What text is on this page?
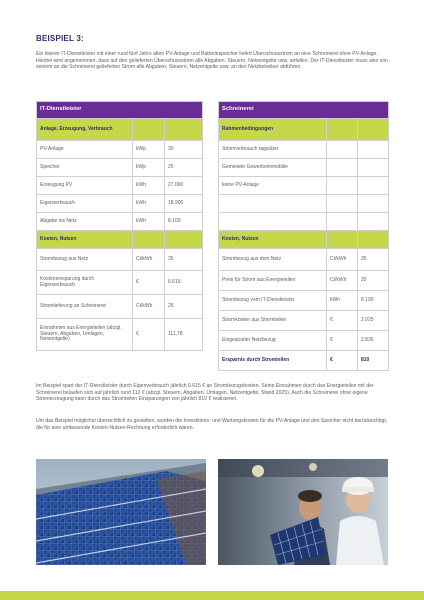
BEISPIEL 3:
Ein kleiner IT-Dienstleister mit einer rund fünf Jahre alten PV-Anlage und Batteriespeicher liefert Überschussstrom an eine Schreinerei ohne PV-Anlage. Hierbei wird angenommen, dass auf den gelieferten Überschussstrom alle Abgaben, Steuern, Netzentgelte usw. anfallen. Der IT-Dienstleister muss also von seinem an die Schreinerei gelieferten Strom alle Abgaben, Steuern, Netzentgelte usw. an den Netzbetreiber abführen.
IT-Dienstleister		
Anlage, Erzeugung, Verbrauch		
PV-Anlage	kWp	30
Speicher	kWp	25
Erzeugung PV	kWh	27.000
Eigenverbrauch	kWh	18.900
Abgabe ins Netz	kWh	8.100
Kosten, Nutzen		
Strombezug aus Netz	Ct/kWh	35
Kosteneinsparung durch Eigenverbrauch	€	6.615
Stromlieferung an Schreinerei	Ct/kWh	25
Einnahmen aus Energieteilen (abzgl. Steuern, Abgaben, Umlagen, Netzentgelte)	€	111,78
Schreinerei		
Rahmenbedingungen		
Stromverbrauch tagsüber		
Gemietete Gewerbeimmobilie		
keine PV-Anlage		

Kosten, Nutzen		
Strombezug aus dem Netz	Ct/kWh	35
Preis für Strom aus Energieteilen	Ct/kWh	25
Strombezug vom IT-Dienstleister	kWh	8.100
Stromkosten aus Stromteilen	€	2.025
Eingesparter Netzbezug	€	2.835
Ersparnis durch Stromteilen	€	810
Im Beispiel spart der IT-Dienstleister durch Eigenverbrauch jährlich 6.615 € an Strombezugskosten. Seine Einnahmen durch das Energieteilen mit der Schreinerei belaufen sich auf jährlich rund 112 € (abzgl. Steuern, Abgaben, Umlagen, Netzentgelte, Stand 2025). Auch die Schreinerei ohne eigene Stromerzeugung kann durch das Stromteilen Einsparungen von jährlich 810 € realisieren.
Um das Beispiel möglichst übersichtlich zu gestalten, wurden die Investitions- und Wartungskosten für die PV-Anlage und den Speicher nicht berücksichtigt, die für eine umfassende Kosten-Nutzen-Rechnung erforderlich wären.
